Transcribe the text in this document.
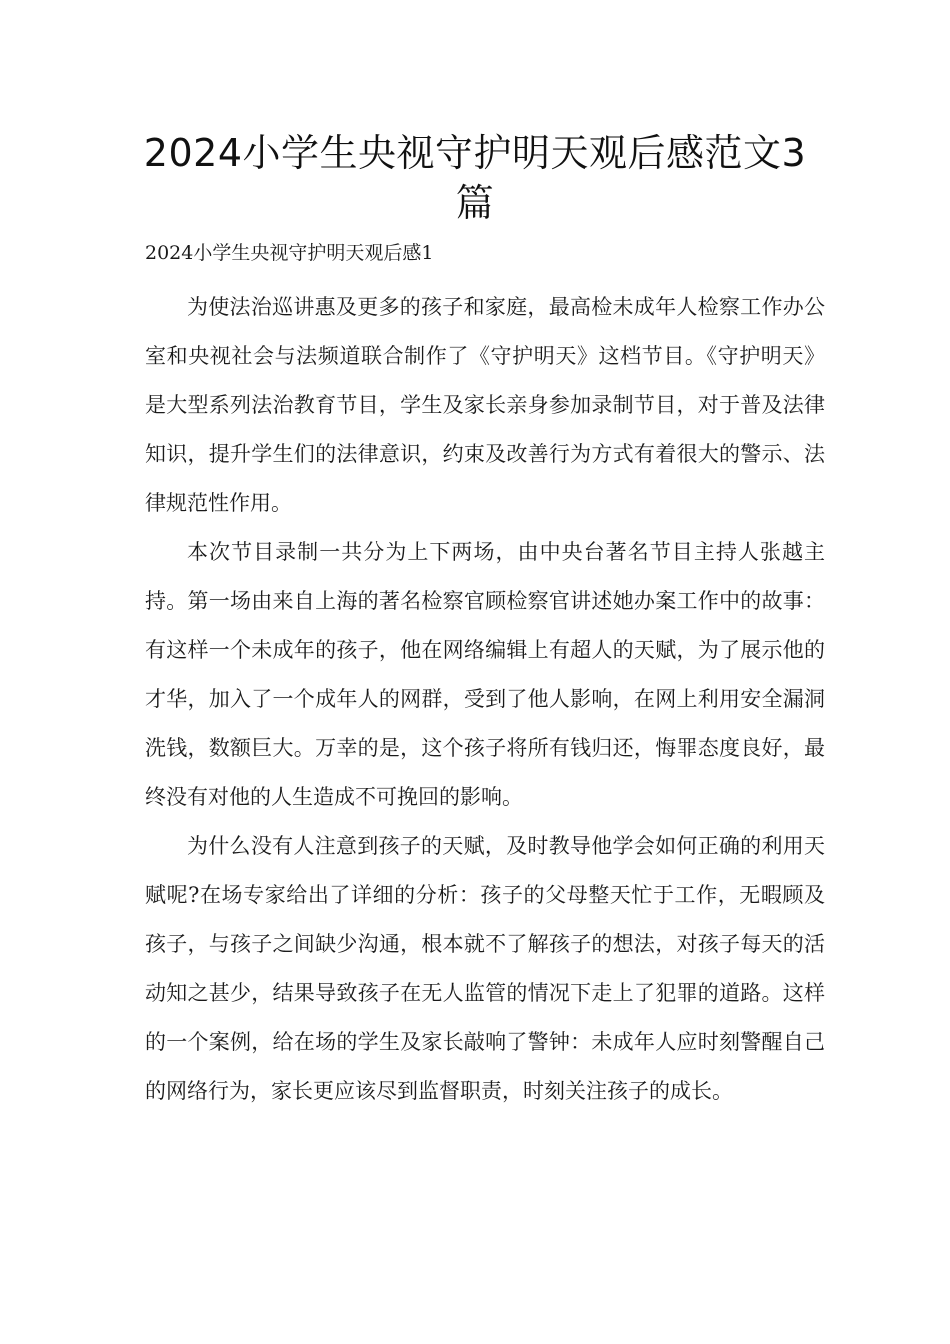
2024小学生央视守护明天观后感范文3篇

2024小学生央视守护明天观后感1

为使法治巡讲惠及更多的孩子和家庭，最高检未成年人检察工作办公室和央视社会与法频道联合制作了《守护明天》这档节目。《守护明天》是大型系列法治教育节目，学生及家长亲身参加录制节目，对于普及法律知识，提升学生们的法律意识，约束及改善行为方式有着很大的警示、法律规范性作用。

本次节目录制一共分为上下两场，由中央台著名节目主持人张越主持。第一场由来自上海的著名检察官顾检察官讲述她办案工作中的故事：有这样一个未成年的孩子，他在网络编辑上有超人的天赋，为了展示他的才华，加入了一个成年人的网群，受到了他人影响，在网上利用安全漏洞洗钱，数额巨大。万幸的是，这个孩子将所有钱归还，悔罪态度良好，最终没有对他的人生造成不可挽回的影响。

为什么没有人注意到孩子的天赋，及时教导他学会如何正确的利用天赋呢?在场专家给出了详细的分析：孩子的父母整天忙于工作，无暇顾及孩子，与孩子之间缺少沟通，根本就不了解孩子的想法，对孩子每天的活动知之甚少，结果导致孩子在无人监管的情况下走上了犯罪的道路。这样的一个案例，给在场的学生及家长敲响了警钟：未成年人应时刻警醒自己的网络行为，家长更应该尽到监督职责，时刻关注孩子的成长。
